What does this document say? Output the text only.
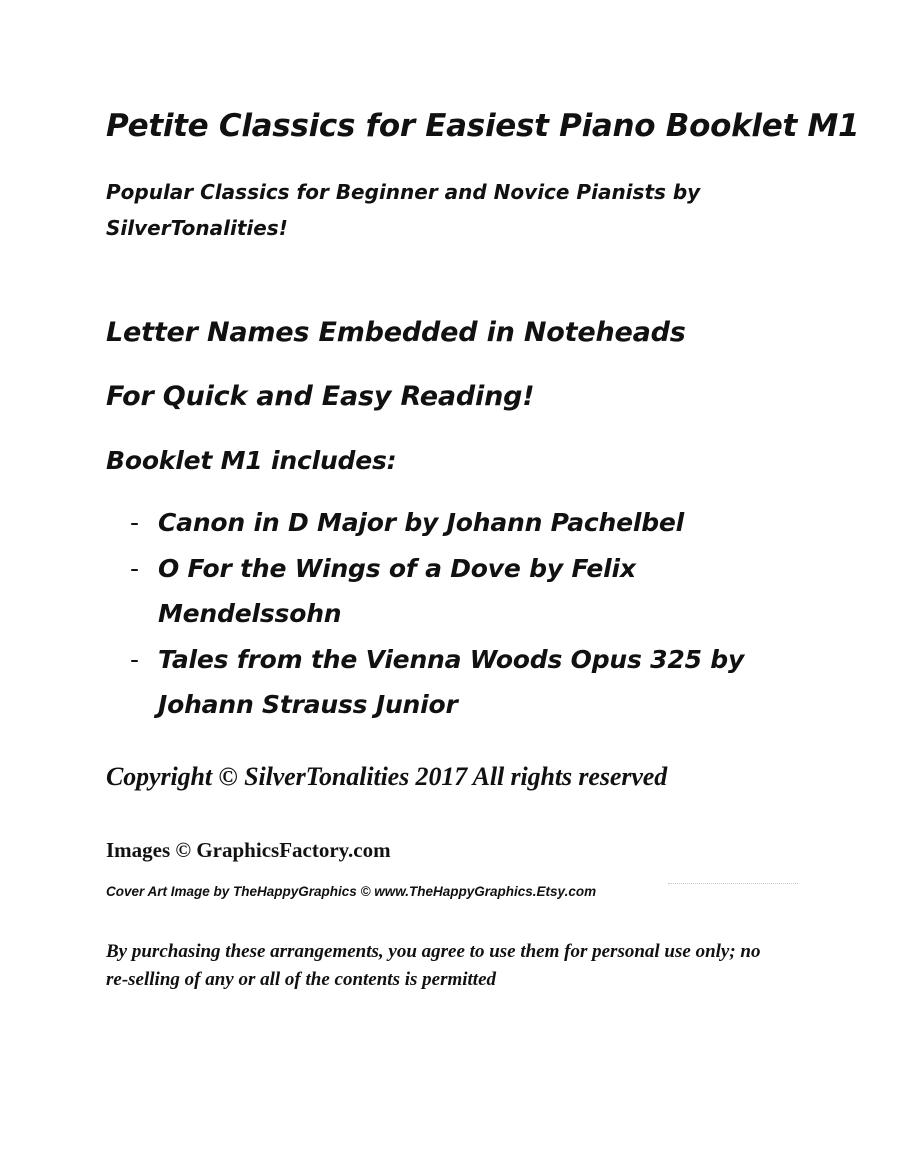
Petite Classics for Easiest Piano Booklet M1

Popular Classics for Beginner and Novice Pianists by SilverTonalities!

Letter Names Embedded in Noteheads

For Quick and Easy Reading!

Booklet M1 includes:

- Canon in D Major by Johann Pachelbel
- O For the Wings of a Dove by Felix Mendelssohn
- Tales from the Vienna Woods Opus 325 by Johann Strauss Junior

Copyright © SilverTonalities 2017 All rights reserved

Images © GraphicsFactory.com

Cover Art Image by TheHappyGraphics © www.TheHappyGraphics.Etsy.com

By purchasing these arrangements, you agree to use them for personal use only; no re-selling of any or all of the contents is permitted
